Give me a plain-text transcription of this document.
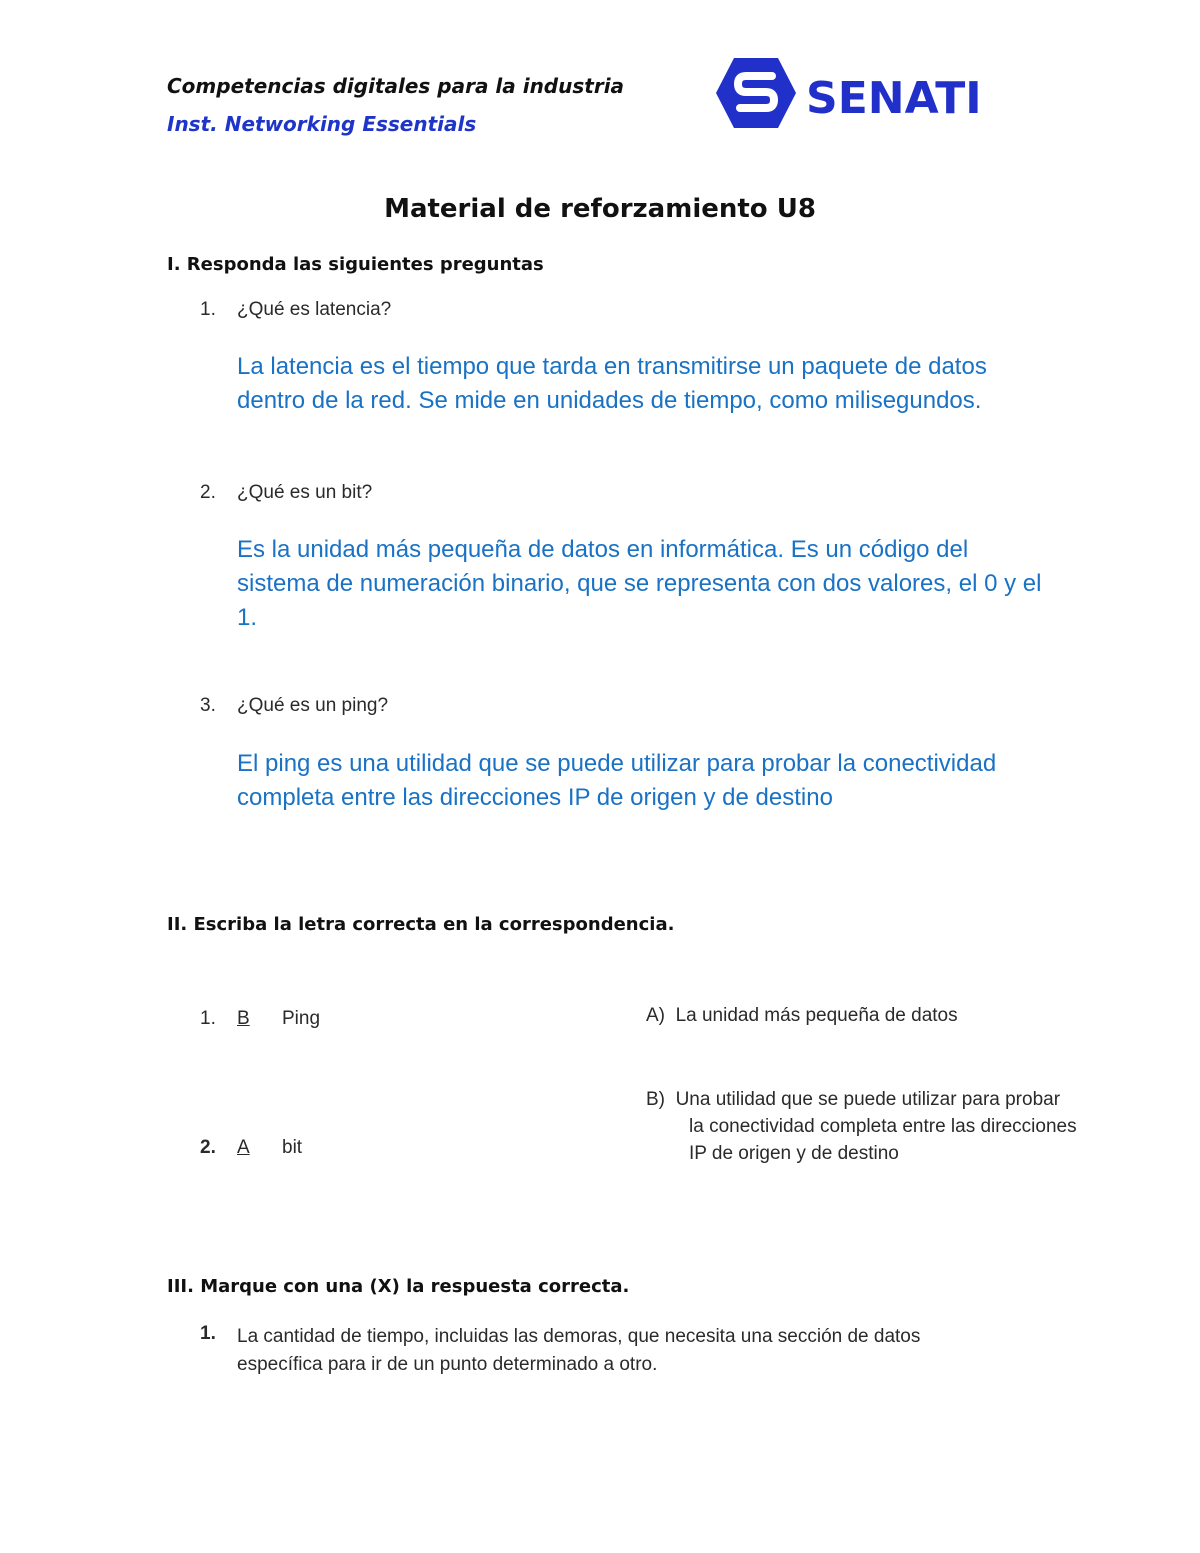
Competencias digitales para la industria
Inst. Networking Essentials	SENATI
Material de reforzamiento U8
I. Responda las siguientes preguntas
1.	¿Qué es latencia?
La latencia es el tiempo que tarda en transmitirse un paquete de datos dentro de la red. Se mide en unidades de tiempo, como milisegundos.
2.	¿Qué es un bit?
Es la unidad más pequeña de datos en informática. Es un código del sistema de numeración binario, que se representa con dos valores, el 0 y el 1.
3.	¿Qué es un ping?
El ping es una utilidad que se puede utilizar para probar la conectividad completa entre las direcciones IP de origen y de destino
II. Escriba la letra correcta en la correspondencia.
1. B Ping
2. A bit
A) La unidad más pequeña de datos
B) Una utilidad que se puede utilizar para probar
la conectividad completa entre las direcciones
IP de origen y de destino
III. Marque con una (X) la respuesta correcta.
1. La cantidad de tiempo, incluidas las demoras, que necesita una sección de datos
específica para ir de un punto determinado a otro.
